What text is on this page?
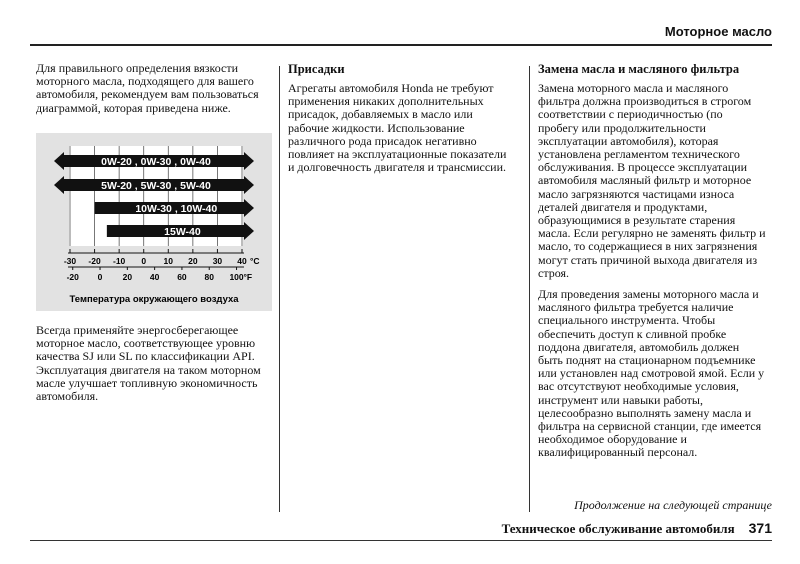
Моторное масло

Для правильного определения вязкости моторного масла, подходящего для вашего автомобиля, рекомендуем вам пользоваться диаграммой, которая приведена ниже.

0W-20 , 0W-30 , 0W-40
5W-20 , 5W-30 , 5W-40
10W-30 , 10W-40
15W-40
-30 -20 -10 0 10 20 30 40 °C
-20 0 20 40 60 80 100 °F
Температура окружающего воздуха

Всегда применяйте энергосберегающее моторное масло, соответствующее уровню качества SJ или SL по классификации API. Эксплуатация двигателя на таком моторном масле улучшает топливную экономичность автомобиля.

Присадки

Агрегаты автомобиля Honda не требуют применения никаких дополнительных присадок, добавляемых в масло или рабочие жидкости. Использование различного рода присадок негативно повлияет на эксплуатационные показатели и долговечность двигателя и трансмиссии.

Замена масла и масляного фильтра

Замена моторного масла и масляного фильтра должна производиться в строгом соответствии с периодичностью (по пробегу или продолжительности эксплуатации автомобиля), которая установлена регламентом технического обслуживания. В процессе эксплуатации автомобиля масляный фильтр и моторное масло загрязняются частицами износа деталей двигателя и продуктами, образующимися в результате старения масла. Если регулярно не заменять фильтр и масло, то содержащиеся в них загрязнения могут стать причиной выхода двигателя из строя.

Для проведения замены моторного масла и масляного фильтра требуется наличие специального инструмента. Чтобы обеспечить доступ к сливной пробке поддона двигателя, автомобиль должен быть поднят на стационарном подъемнике или установлен над смотровой ямой. Если у вас отсутствуют необходимые условия, инструмент или навыки работы, целесообразно выполнять замену масла и фильтра на сервисной станции, где имеется необходимое оборудование и квалифицированный персонал.

Продолжение на следующей странице
Техническое обслуживание автомобиля 371
